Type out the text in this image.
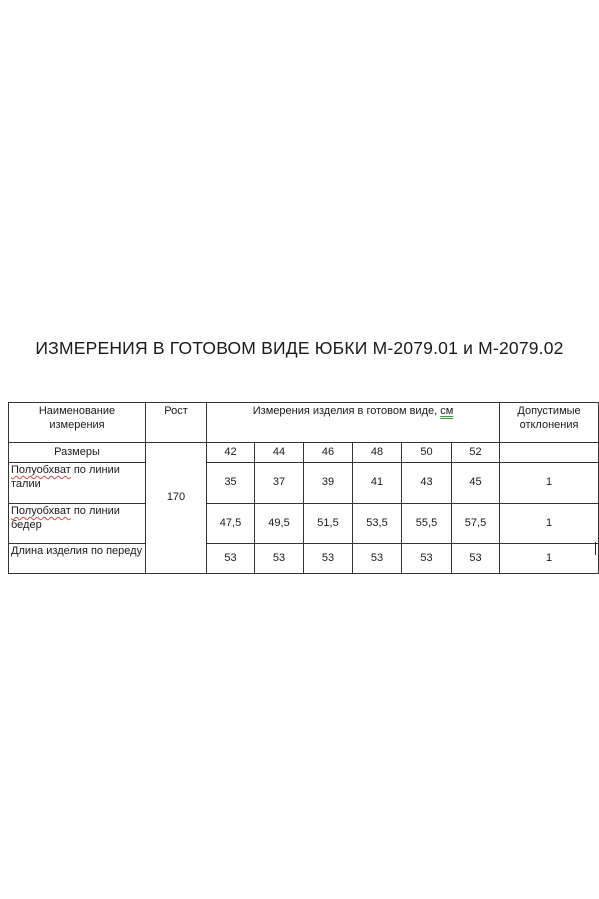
ИЗМЕРЕНИЯ В ГОТОВОМ ВИДЕ ЮБКИ М-2079.01 и М-2079.02
Наименование измерения	Рост	Измерения изделия в готовом виде, см						Допустимые отклонения
Размеры	170	42	44	46	48	50	52	
Полуобхват по линии талии		35	37	39	41	43	45	1
Полуобхват по линии бедер		47,5	49,5	51,5	53,5	55,5	57,5	1
Длина изделия по переду		53	53	53	53	53	53	1
